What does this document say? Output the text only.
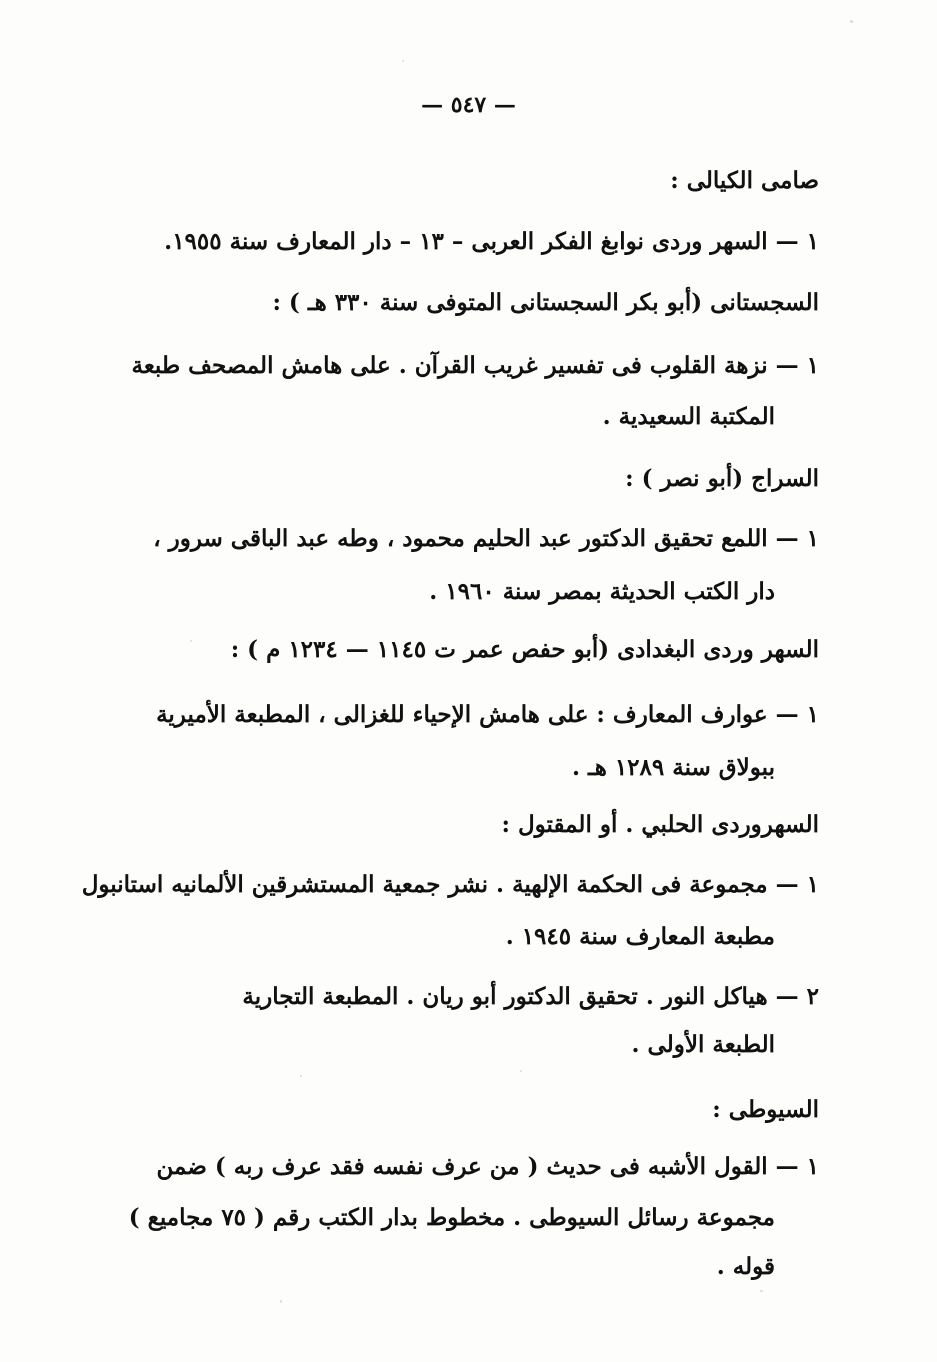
— ٥٤٧ —
صامى الكيالى :
١ — السهر وردى نوابغ الفكر العربى – ١٣ – دار المعارف سنة ١٩٥٥.
السجستانى (أبو بكر السجستانى المتوفى سنة ٣٣٠ هـ ) :
١ — نزهة القلوب فى تفسير غريب القرآن . على هامش المصحف طبعة
المكتبة السعيدية .
السراج (أبو نصر ) :
١ — اللمع تحقيق الدكتور عبد الحليم محمود ، وطه عبد الباقى سرور ،
دار الكتب الحديثة بمصر سنة ١٩٦٠ .
السهر وردى البغدادى (أبو حفص عمر ت ١١٤٥ — ١٢٣٤ م ) :
١ — عوارف المعارف : على هامش الإحياء للغزالى ، المطبعة الأميرية
ببولاق سنة ١٢٨٩ هـ .
السهروردى الحلبي . أو المقتول :
١ — مجموعة فى الحكمة الإلهية . نشر جمعية المستشرقين الألمانيه استانبول
مطبعة المعارف سنة ١٩٤٥ .
٢ — هياكل النور . تحقيق الدكتور أبو ريان . المطبعة التجارية
الطبعة الأولى .
السيوطى :
١ — القول الأشبه فى حديث ( من عرف نفسه فقد عرف ربه ) ضمن
مجموعة رسائل السيوطى . مخطوط بدار الكتب رقم ( ٧٥ مجاميع )
قوله .
